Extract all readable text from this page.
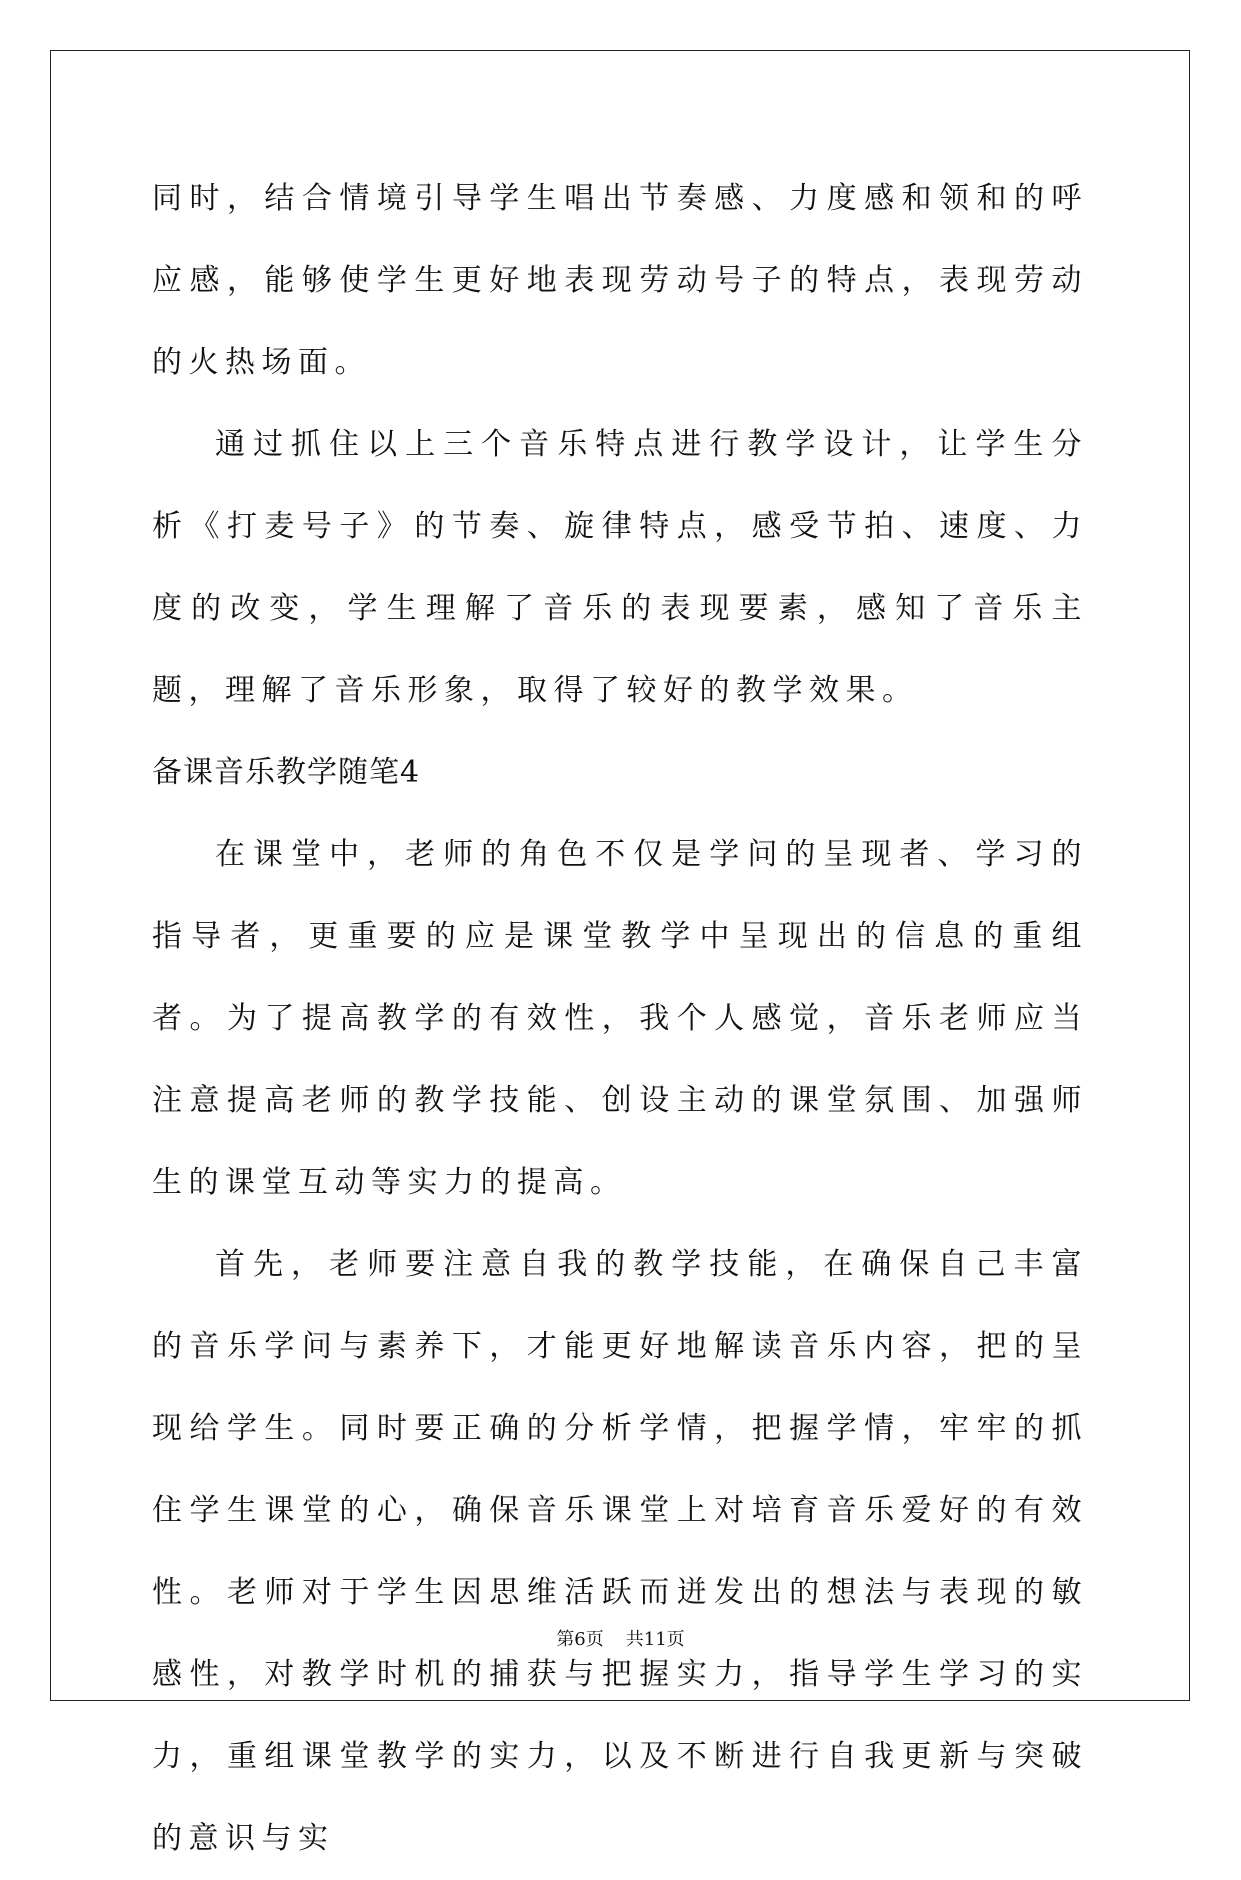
同时，结合情境引导学生唱出节奏感、力度感和领和的呼应感，能够使学生更好地表现劳动号子的特点，表现劳动的火热场面。

通过抓住以上三个音乐特点进行教学设计，让学生分析《打麦号子》的节奏、旋律特点，感受节拍、速度、力度的改变，学生理解了音乐的表现要素，感知了音乐主题，理解了音乐形象，取得了较好的教学效果。

备课音乐教学随笔4

在课堂中，老师的角色不仅是学问的呈现者、学习的指导者，更重要的应是课堂教学中呈现出的信息的重组者。为了提高教学的有效性，我个人感觉，音乐老师应当注意提高老师的教学技能、创设主动的课堂氛围、加强师生的课堂互动等实力的提高。

首先，老师要注意自我的教学技能，在确保自己丰富的音乐学问与素养下，才能更好地解读音乐内容，把的呈现给学生。同时要正确的分析学情，把握学情，牢牢的抓住学生课堂的心，确保音乐课堂上对培育音乐爱好的有效性。老师对于学生因思维活跃而迸发出的想法与表现的敏感性，对教学时机的捕获与把握实力，指导学生学习的实力，重组课堂教学的实力，以及不断进行自我更新与突破的意识与实

第6页 共11页
